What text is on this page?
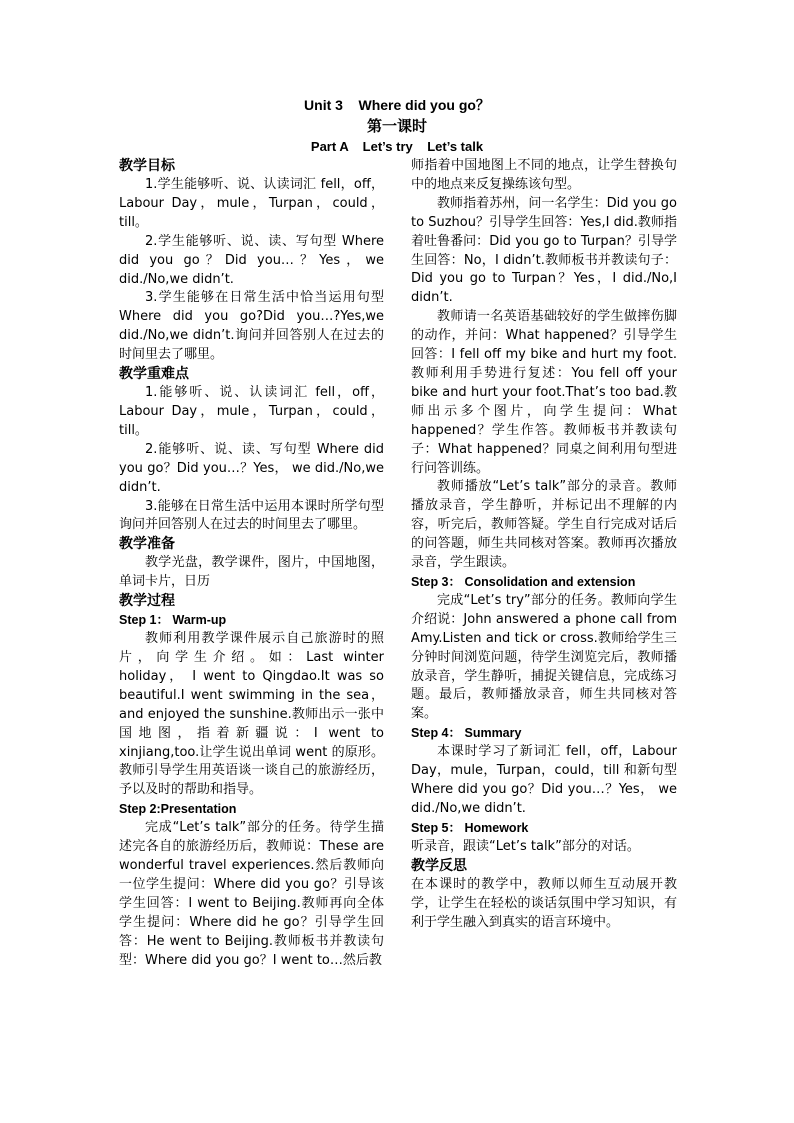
Unit 3    Where did you go？
第一课时
Part A    Let’s try    Let’s talk
教学目标
1.学生能够听、说、认读词汇 fell，off，Labour Day，mule，Turpan，could，till。
2.学生能够听、说、读、写句型 Where did you go？Did you…？Yes，we did./No,we didn’t.
3.学生能够在日常生活中恰当运用句型 Where did you go?Did you…?Yes,we did./No,we didn’t.询问并回答别人在过去的时间里去了哪里。
教学重难点
1.能够听、说、认读词汇 fell，off，Labour Day，mule，Turpan，could，till。
2.能够听、说、读、写句型 Where did you go？Did you…？Yes， we did./No,we didn’t.
3.能够在日常生活中运用本课时所学句型询问并回答别人在过去的时间里去了哪里。
教学准备
教学光盘，教学课件，图片，中国地图，单词卡片，日历
教学过程
Step 1： Warm-up
教师利用教学课件展示自己旅游时的照片，向学生介绍。如：Last winter holiday， I went to Qingdao.It was so beautiful.I went swimming in the sea，and enjoyed the sunshine.教师出示一张中国地图，指着新疆说：I went to xinjiang,too.让学生说出单词 went 的原形。教师引导学生用英语谈一谈自己的旅游经历，予以及时的帮助和指导。
Step 2:Presentation
完成“Let’s talk”部分的任务。待学生描述完各自的旅游经历后，教师说：These are wonderful travel experiences.然后教师向一位学生提问：Where did you go？引导该学生回答：I went to Beijing.教师再向全体学生提问：Where did he go？引导学生回答：He went to Beijing.教师板书并教读句型：Where did you go？I went to…然后教
师指着中国地图上不同的地点，让学生替换句中的地点来反复操练该句型。
教师指着苏州，问一名学生：Did you go to Suzhou？引导学生回答：Yes,I did.教师指着吐鲁番问：Did you go to Turpan？引导学生回答：No，I didn’t.教师板书并教读句子：Did you go to Turpan？Yes，I did./No,I didn’t.
教师请一名英语基础较好的学生做摔伤脚的动作，并问：What happened？引导学生回答：I fell off my bike and hurt my foot.教师利用手势进行复述：You fell off your bike and hurt your foot.That’s too bad.教师出示多个图片，向学生提问：What happened？学生作答。教师板书并教读句子：What happened？同桌之间利用句型进行问答训练。
教师播放“Let’s talk”部分的录音。教师播放录音，学生静听，并标记出不理解的内容，听完后，教师答疑。学生自行完成对话后的问答题，师生共同核对答案。教师再次播放录音，学生跟读。
Step 3： Consolidation and extension
完成“Let’s try”部分的任务。教师向学生介绍说：John answered a phone call from Amy.Listen and tick or cross.教师给学生三分钟时间浏览问题，待学生浏览完后，教师播放录音，学生静听，捕捉关键信息，完成练习题。最后，教师播放录音，师生共同核对答案。
Step 4： Summary
本课时学习了新词汇 fell，off，Labour Day，mule，Turpan，could，till 和新句型 Where did you go？Did you…？Yes， we did./No,we didn’t.
Step 5： Homework
听录音，跟读“Let’s talk”部分的对话。
教学反思
在本课时的教学中，教师以师生互动展开教学，让学生在轻松的谈话氛围中学习知识，有利于学生融入到真实的语言环境中。
